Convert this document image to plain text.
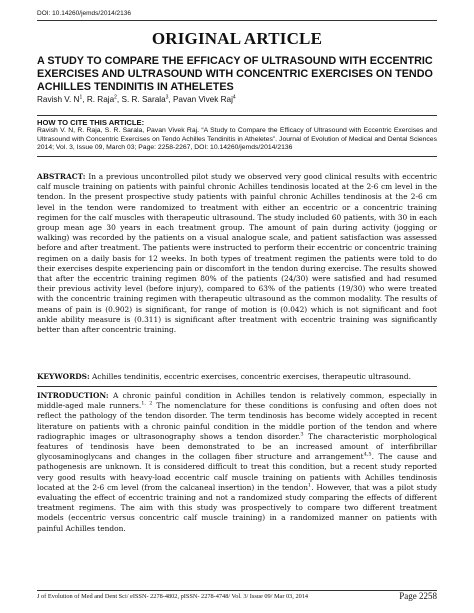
DOI: 10.14260/jemds/2014/2136
ORIGINAL ARTICLE
A STUDY TO COMPARE THE EFFICACY OF ULTRASOUND WITH ECCENTRIC EXERCISES AND ULTRASOUND WITH CONCENTRIC EXERCISES ON TENDO ACHILLES TENDINITIS IN ATHELETES
Ravish V. $N^1$, R. Raja$^2$, S. R. Sarala$^3$, Pavan Vivek Raj$^4$
HOW TO CITE THIS ARTICLE:
Ravish V. N, R. Raja, S. R. Sarala, Pavan Vivek Raj. “A Study to Compare the Efficacy of Ultrasound with Eccentric Exercises and Ultrasound with Concentric Exercises on Tendo Achilles Tendinitis in Atheletes”. Journal of Evolution of Medical and Dental Sciences 2014; Vol. 3, Issue 09, March 03; Page: 2258-2267, DOI: 10.14260/jemds/2014/2136
ABSTRACT: In a previous uncontrolled pilot study we observed very good clinical results with eccentric calf muscle training on patients with painful chronic Achilles tendinosis located at the 2-6 cm level in the tendon. In the present prospective study patients with painful chronic Achilles tendinosis at the 2-6 cm level in the tendon were randomized to treatment with either an eccentric or a concentric training regimen for the calf muscles with therapeutic ultrasound. The study included 60 patients, with 30 in each group mean age 30 years in each treatment group. The amount of pain during activity (jogging or walking) was recorded by the patients on a visual analogue scale, and patient satisfaction was assessed before and after treatment. The patients were instructed to perform their eccentric or concentric training regimen on a daily basis for 12 weeks. In both types of treatment regimen the patients were told to do their exercises despite experiencing pain or discomfort in the tendon during exercise. The results showed that after the eccentric training regimen 80% of the patients (24/30) were satisfied and had resumed their previous activity level (before injury), compared to 63% of the patients (19/30) who were treated with the concentric training regimen with therapeutic ultrasound as the common modality. The results of means of pain is (0.902) is significant, for range of motion is (0.042) which is not significant and foot ankle ability measure is (0.311) is significant after treatment with eccentric training was significantly better than after concentric training.
KEYWORDS: Achilles tendinitis, eccentric exercises, concentric exercises, therapeutic ultrasound.
INTRODUCTION: A chronic painful condition in Achilles tendon is relatively common, especially in middle-aged male runners.$^{1, 2}$ The nomenclature for these conditions is confusing and often does not reflect the pathology of the tendon disorder. The term tendinosis has become widely accepted in recent literature on patients with a chronic painful condition in the middle portion of the tendon and where radiographic images or ultrasonography shows a tendon disorder.$^3$ The characteristic morphological features of tendinosis have been demonstrated to be an increased amount of interfibrillar glycosaminoglycans and changes in the collagen fiber structure and arrangement$^{4,5}$. The cause and pathogenesis are unknown. It is considered difficult to treat this condition, but a recent study reported very good results with heavy-load eccentric calf muscle training on patients with Achilles tendinosis located at the 2-6 cm level (from the calcaneal insertion) in the tendon$^1$. However, that was a pilot study evaluating the effect of eccentric training and not a randomized study comparing the effects of different treatment regimens. The aim with this study was prospectively to compare two different treatment models (eccentric versus concentric calf muscle training) in a randomized manner on patients with painful Achilles tendon.
J of Evolution of Med and Dent Sci/ eISSN- 2278-4802, pISSN- 2278-4748/ Vol. 3/ Issue 09/ Mar 03, 2014	Page 2258
